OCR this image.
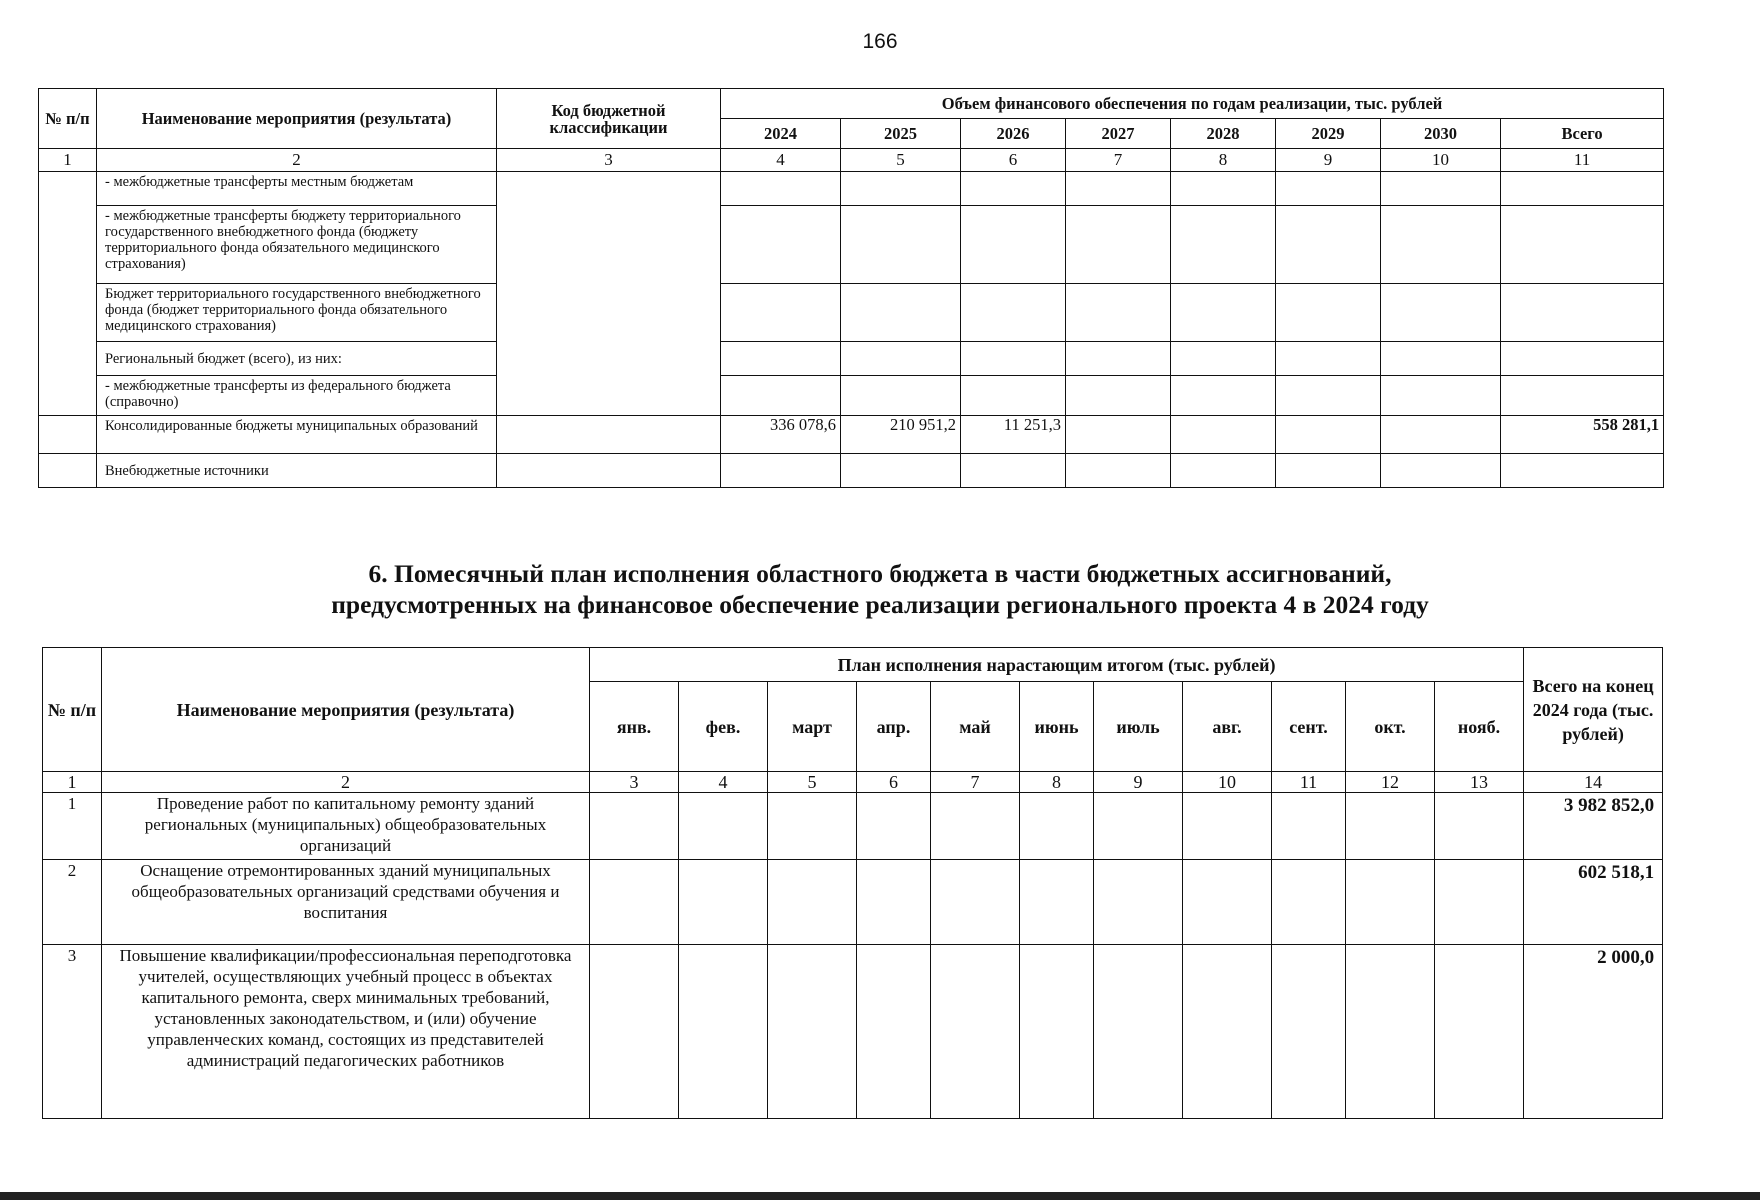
166
№ п/п	Наименование мероприятия (результата)	Код бюджетной классификации	Объем финансового обеспечения по годам реализации, тыс. рублей							
			2024	2025	2026	2027	2028	2029	2030	Всего
1	2	3	4	5	6	7	8	9	10	11
	- межбюджетные трансферты местным бюджетам									
	- межбюджетные трансферты бюджету территориального государственного внебюджетного фонда (бюджету территориального фонда обязательного медицинского страхования)									
	Бюджет территориального государственного внебюджетного фонда (бюджет территориального фонда обязательного медицинского страхования)									
	Региональный бюджет (всего), из них:									
	- межбюджетные трансферты из федерального бюджета (справочно)									
	Консолидированные бюджеты муниципальных образований		336 078,6	210 951,2	11 251,3					558 281,1
	Внебюджетные источники									
6. Помесячный план исполнения областного бюджета в части бюджетных ассигнований,
предусмотренных на финансовое обеспечение реализации регионального проекта 4 в 2024 году
№ п/п	Наименование мероприятия (результата)	План исполнения нарастающим итогом (тыс. рублей)											Всего на конец 2024 года (тыс. рублей)
		янв.	фев.	март	апр.	май	июнь	июль	авг.	сент.	окт.	нояб.	
1	2	3	4	5	6	7	8	9	10	11	12	13	14
1	Проведение работ по капитальному ремонту зданий региональных (муниципальных) общеобразовательных организаций												3 982 852,0
2	Оснащение отремонтированных зданий муниципальных общеобразовательных организаций средствами обучения и воспитания												602 518,1
3	Повышение квалификации/профессиональная переподготовка учителей, осуществляющих учебный процесс в объектах капитального ремонта, сверх минимальных требований, установленных законодательством, и (или) обучение управленческих команд, состоящих из представителей администраций педагогических работников												2 000,0
